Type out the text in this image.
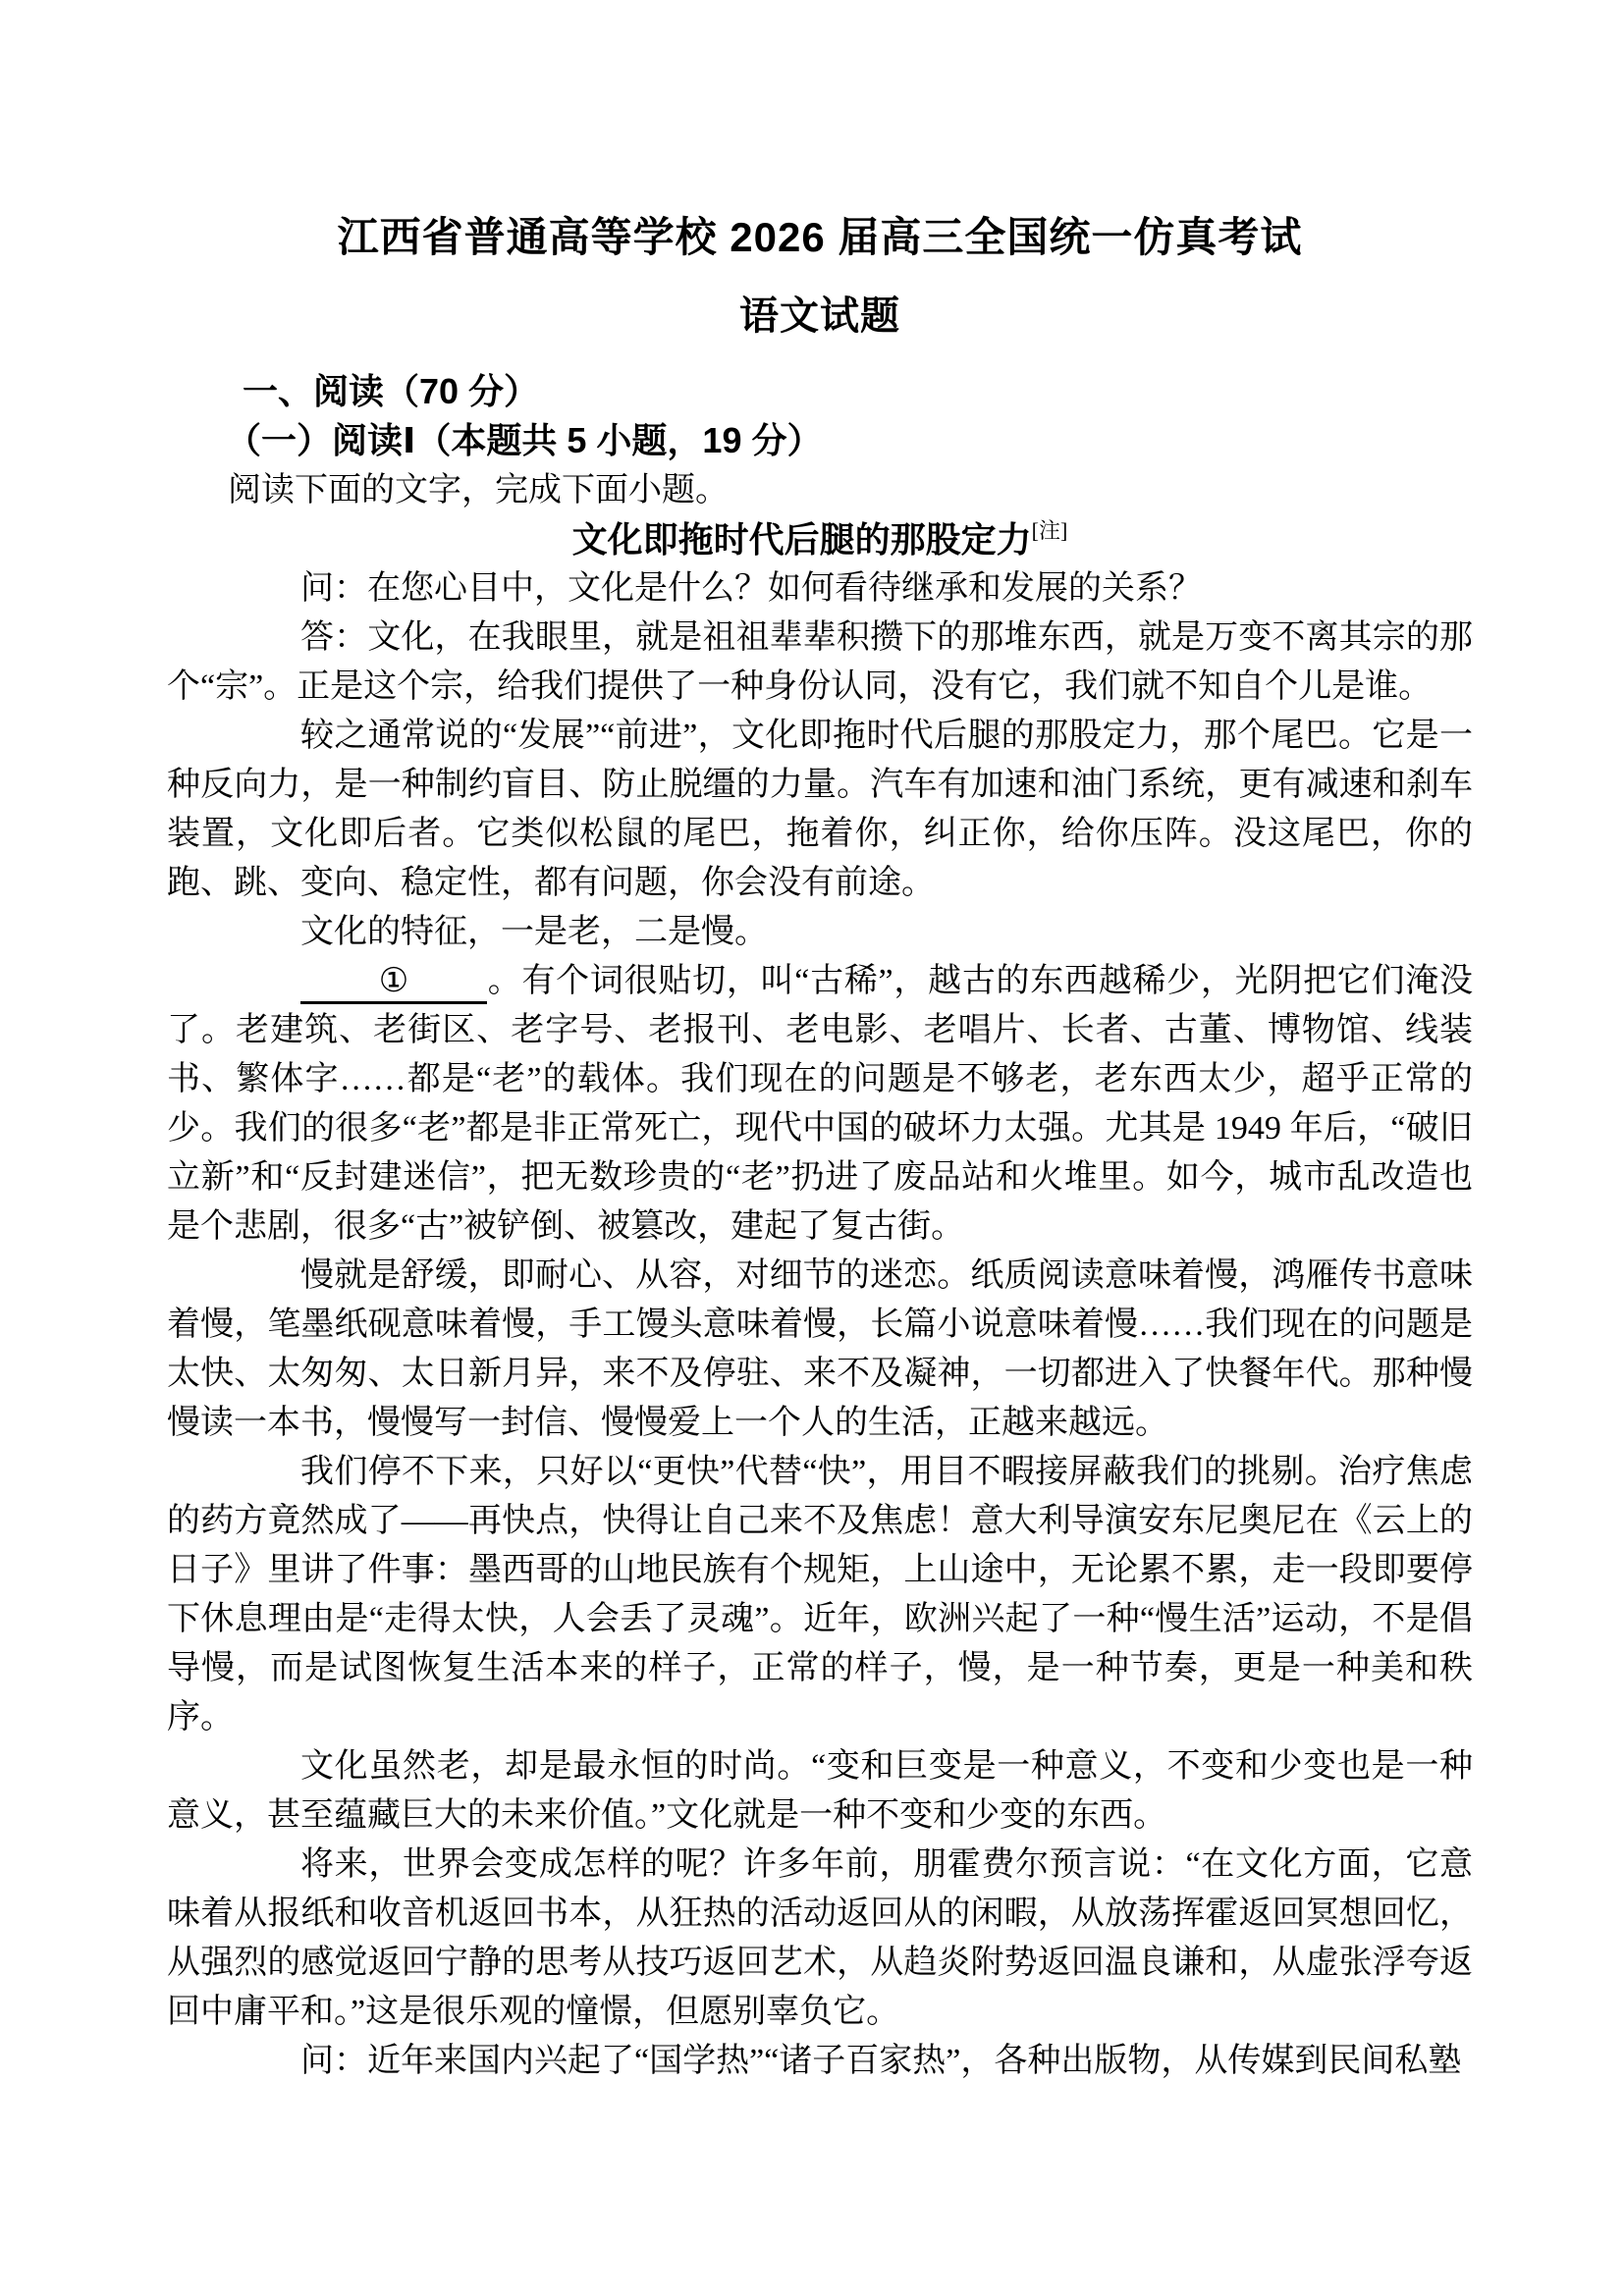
江西省普通高等学校 2026 届高三全国统一仿真考试
语文试题
一、阅读（70 分）
（一）阅读Ⅰ（本题共 5 小题，19 分）

阅读下面的文字，完成下面小题。

文化即拖时代后腿的那股定力[注]

问：在您心目中，文化是什么？如何看待继承和发展的关系？

答：文化，在我眼里，就是祖祖辈辈积攒下的那堆东西，就是万变不离其宗的那个“宗”。正是这个宗，给我们提供了一种身份认同，没有它，我们就不知自个儿是谁。

较之通常说的“发展”“前进”，文化即拖时代后腿的那股定力，那个尾巴。它是一种反向力，是一种制约盲目、防止脱缰的力量。汽车有加速和油门系统，更有减速和刹车装置，文化即后者。它类似松鼠的尾巴，拖着你，纠正你，给你压阵。没这尾巴，你的跑、跳、变向、稳定性，都有问题，你会没有前途。

文化的特征，一是老，二是慢。

① 。有个词很贴切，叫“古稀”，越古的东西越稀少，光阴把它们淹没了。老建筑、老街区、老字号、老报刊、老电影、老唱片、长者、古董、博物馆、线装书、繁体字……都是“老”的载体。我们现在的问题是不够老，老东西太少，超乎正常的少。我们的很多“老”都是非正常死亡，现代中国的破坏力太强。尤其是 1949 年后，“破旧立新”和“反封建迷信”，把无数珍贵的“老”扔进了废品站和火堆里。如今，城市乱改造也是个悲剧，很多“古”被铲倒、被篡改，建起了复古街。

慢就是舒缓，即耐心、从容，对细节的迷恋。纸质阅读意味着慢，鸿雁传书意味着慢，笔墨纸砚意味着慢，手工馒头意味着慢，长篇小说意味着慢……我们现在的问题是太快、太匆匆、太日新月异，来不及停驻、来不及凝神，一切都进入了快餐年代。那种慢慢读一本书，慢慢写一封信、慢慢爱上一个人的生活，正越来越远。

我们停不下来，只好以“更快”代替“快”，用目不暇接屏蔽我们的挑剔。治疗焦虑的药方竟然成了——再快点，快得让自己来不及焦虑！意大利导演安东尼奥尼在《云上的日子》里讲了件事：墨西哥的山地民族有个规矩，上山途中，无论累不累，走一段即要停下休息理由是“走得太快，人会丢了灵魂”。近年，欧洲兴起了一种“慢生活”运动，不是倡导慢，而是试图恢复生活本来的样子，正常的样子，慢，是一种节奏，更是一种美和秩序。

文化虽然老，却是最永恒的时尚。“变和巨变是一种意义，不变和少变也是一种意义，甚至蕴藏巨大的未来价值。”文化就是一种不变和少变的东西。

将来，世界会变成怎样的呢？许多年前，朋霍费尔预言说：“在文化方面，它意味着从报纸和收音机返回书本，从狂热的活动返回从的闲暇，从放荡挥霍返回冥想回忆，从强烈的感觉返回宁静的思考从技巧返回艺术，从趋炎附势返回温良谦和，从虚张浮夸返回中庸平和。”这是很乐观的憧憬，但愿别辜负它。

问：近年来国内兴起了“国学热”“诸子百家热”，各种出版物，从传媒到民间私塾
